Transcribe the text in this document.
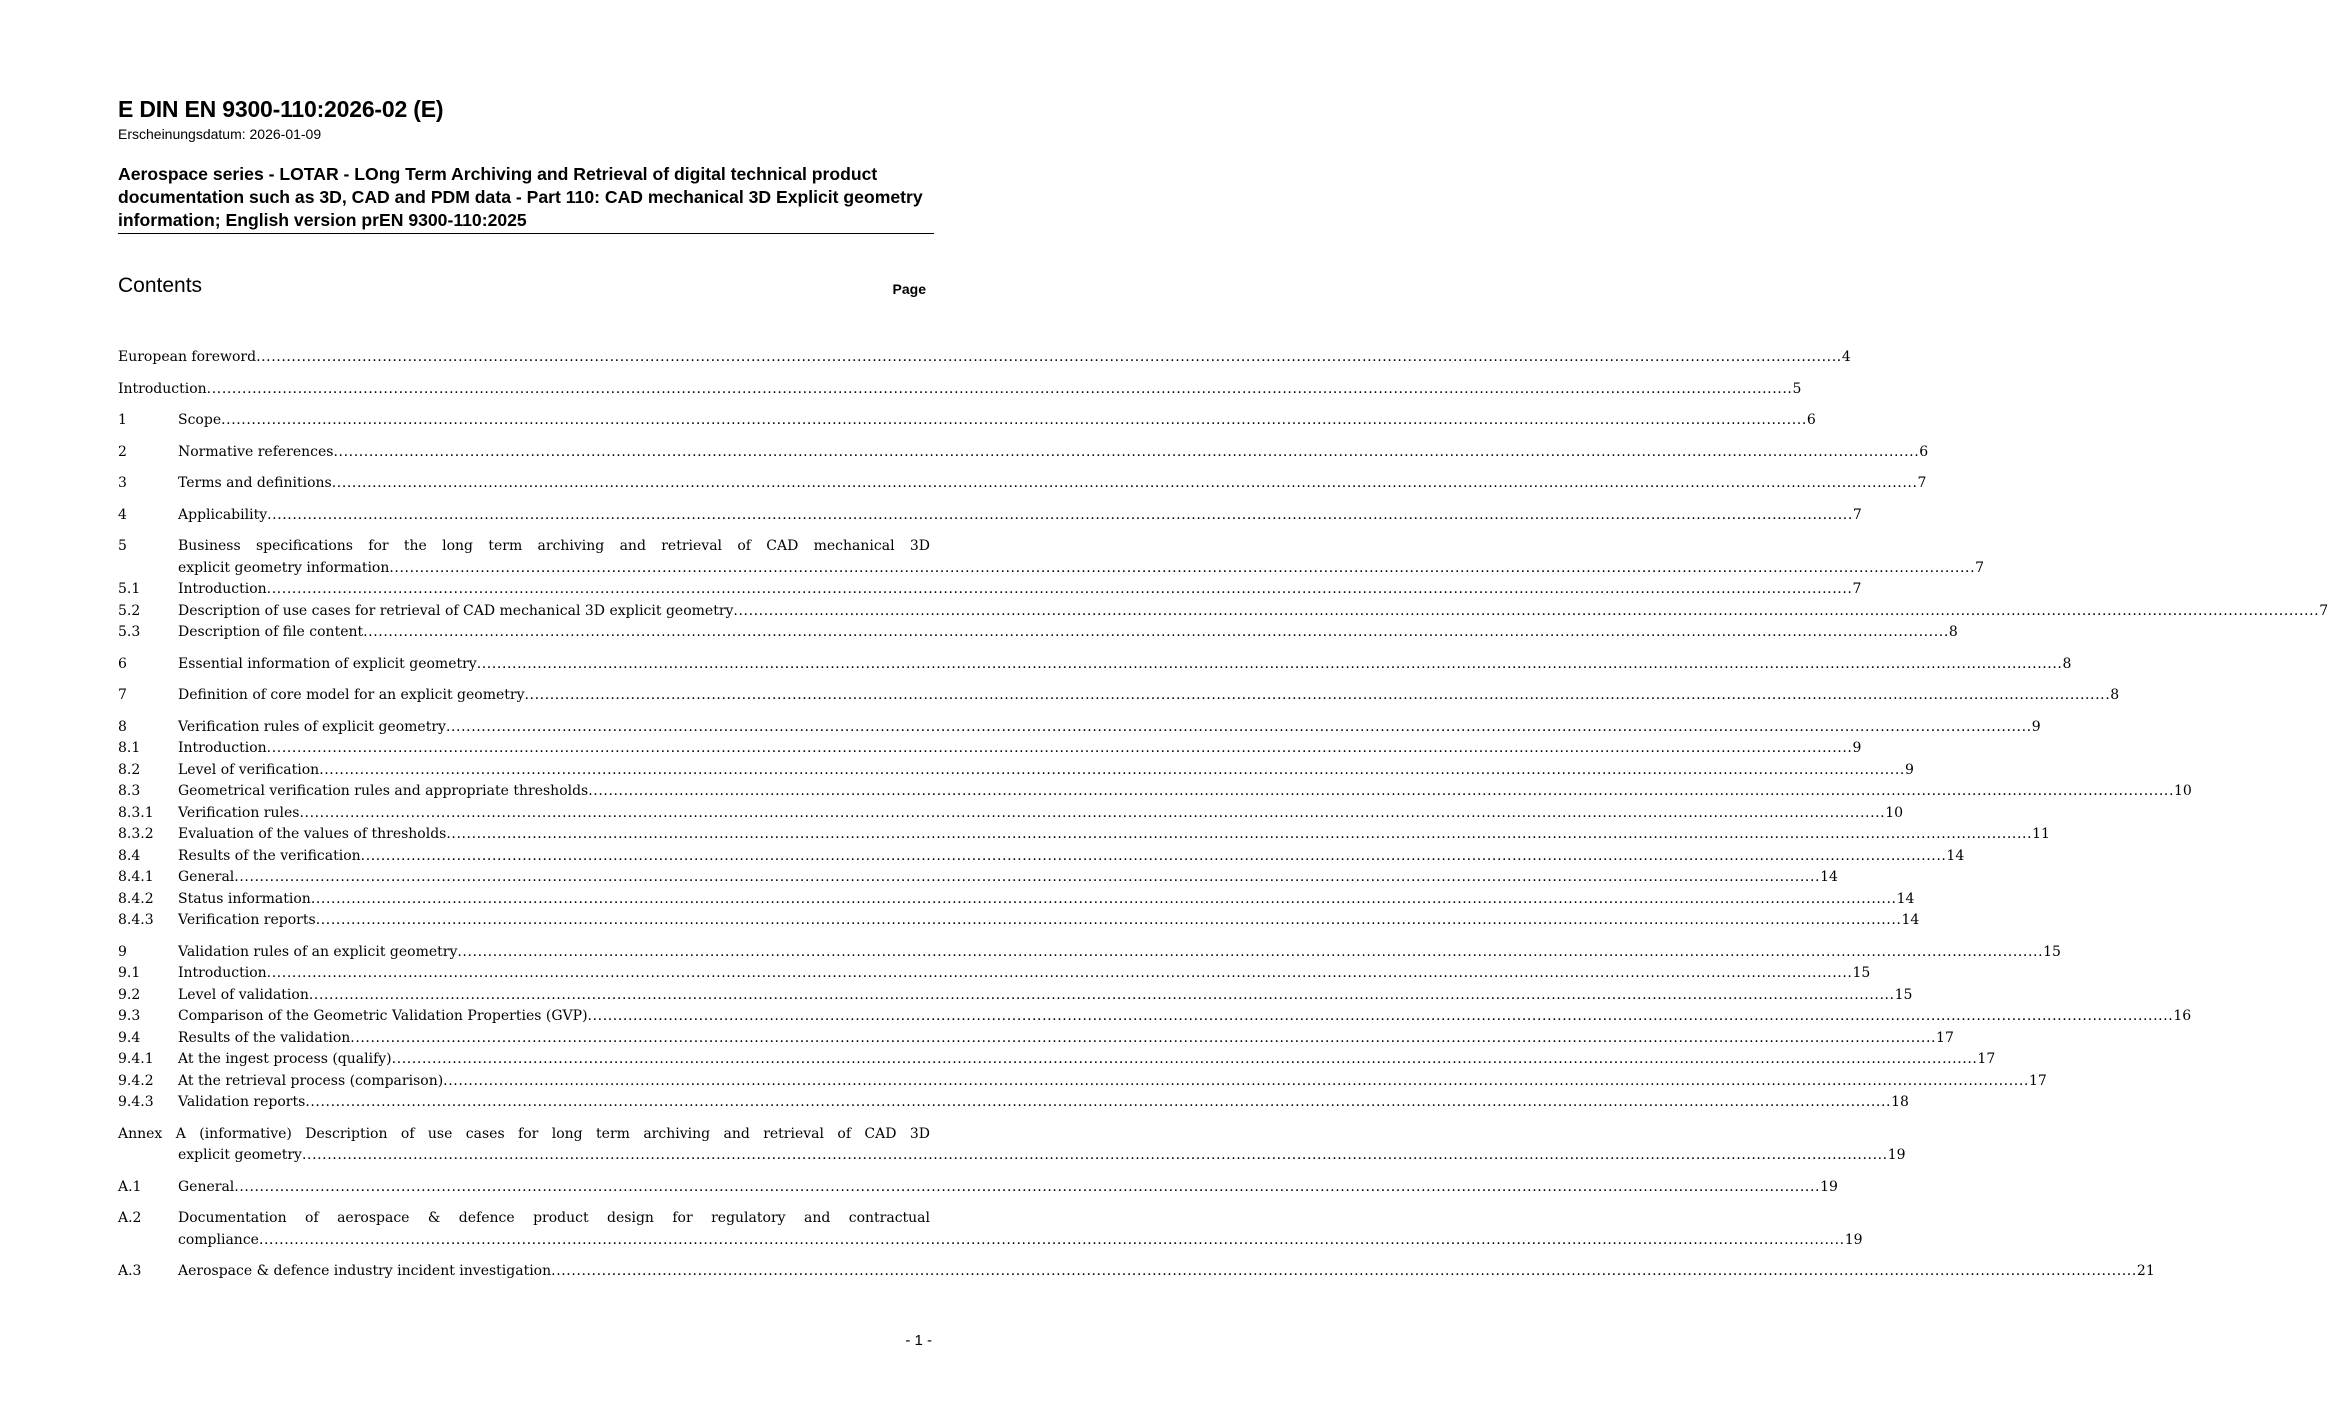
E DIN EN 9300-110:2026-02 (E)
Erscheinungsdatum: 2026-01-09
Aerospace series - LOTAR - LOng Term Archiving and Retrieval of digital technical product documentation such as 3D, CAD and PDM data - Part 110: CAD mechanical 3D Explicit geometry information; English version prEN 9300-110:2025
Contents	Page
European foreword .....	4
Introduction .....	5
1	Scope .....	6
2	Normative references .....	6
3	Terms and definitions .....	7
4	Applicability .....	7
5	Business specifications for the long term archiving and retrieval of CAD mechanical 3D
explicit geometry information .....	7
5.1	Introduction .....	7
5.2	Description of use cases for retrieval of CAD mechanical 3D explicit geometry .....	7
5.3	Description of file content .....	8
6	Essential information of explicit geometry .....	8
7	Definition of core model for an explicit geometry .....	8
8	Verification rules of explicit geometry .....	9
8.1	Introduction .....	9
8.2	Level of verification .....	9
8.3	Geometrical verification rules and appropriate thresholds .....	10
8.3.1	Verification rules .....	10
8.3.2	Evaluation of the values of thresholds .....	11
8.4	Results of the verification .....	14
8.4.1	General .....	14
8.4.2	Status information .....	14
8.4.3	Verification reports .....	14
9	Validation rules of an explicit geometry .....	15
9.1	Introduction .....	15
9.2	Level of validation .....	15
9.3	Comparison of the Geometric Validation Properties (GVP) .....	16
9.4	Results of the validation .....	17
9.4.1	At the ingest process (qualify) .....	17
9.4.2	At the retrieval process (comparison) .....	17
9.4.3	Validation reports .....	18
Annex A (informative) Description of use cases for long term archiving and retrieval of CAD 3D
explicit geometry .....	19
A.1	General .....	19
A.2	Documentation of aerospace & defence product design for regulatory and contractual
compliance .....	19
A.3	Aerospace & defence industry incident investigation .....	21
- 1 -
